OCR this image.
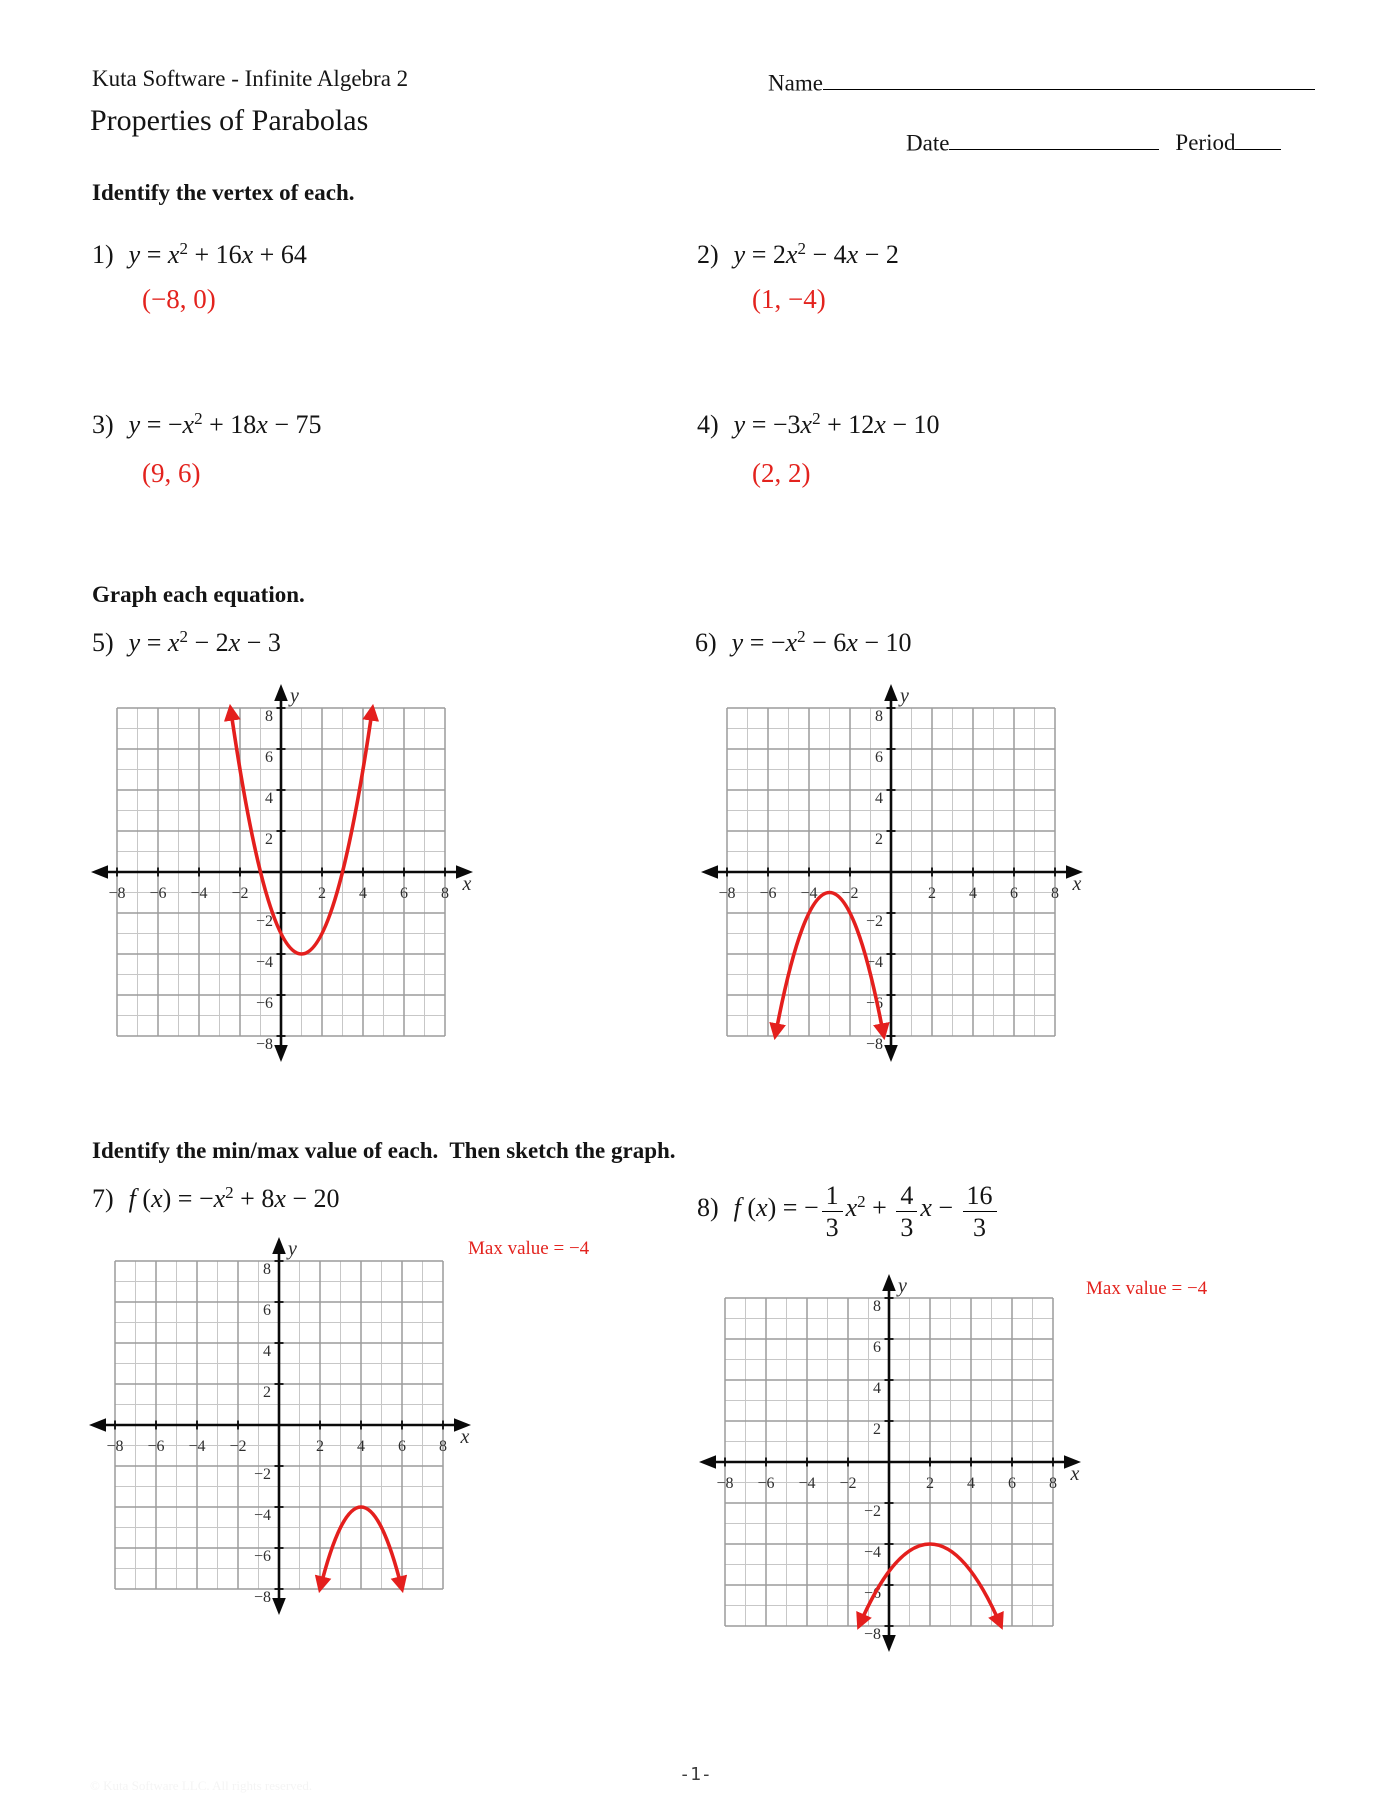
Kuta Software - Infinite Algebra 2	Name
Properties of Parabolas
Date	Period
Identify the vertex of each.
1) $y = x^2 + 16x + 64$	2) $y = 2x^2 - 4x - 2$
(−8, 0)	(1, −4)
3) $y = -x^2 + 18x - 75$	4) $y = -3x^2 + 12x - 10$
(9, 6)	(2, 2)
Graph each equation.
5) $y = x^2 - 2x - 3$	6) $y = -x^2 - 6x - 10$
−8 −6 −4 −2	2 4 6 8
8
6
4
2
−2
−4
−6
−8
y
x	−8 −6 −4 −2	2 4 6 8
8
6
4
2
−2
−4
−6
−8
y
x
Identify the min/max value of each.  Then sketch the graph.
7) f $(x) = -x^2 + 8x - 20$	8) f (x) = − $\frac{1}{3} x^2 + \frac{4}{3}$ $x - \frac{16}{3}$
Max value = −4
Max value = −4
−8 −6 −4 −2	2 4 6 8
8
6
4
2
−2
−4
−6
−8
y
x
−8 −6 −4 −2	2 4 6 8
8
6
4
2
−2
−4
−6
−8
y
x
-1-
© Kuta Software LLC. All rights reserved.
